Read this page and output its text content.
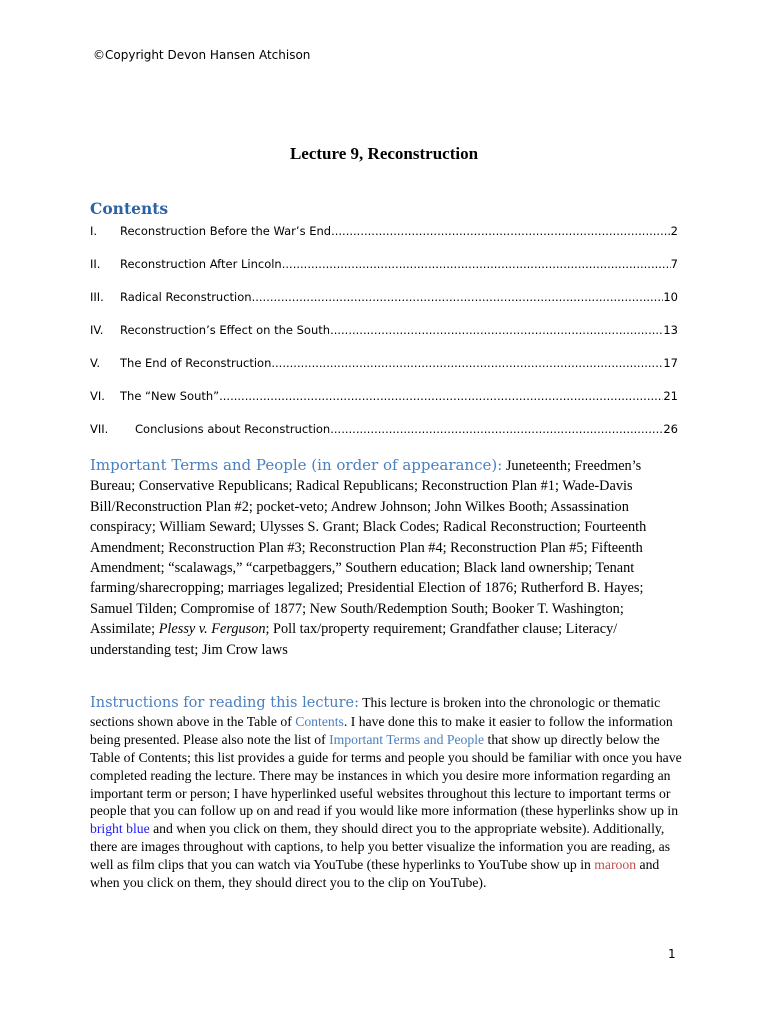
©Copyright Devon Hansen Atchison
Lecture 9, Reconstruction
Contents
I.	Reconstruction Before the War’s End .....	2
II.	Reconstruction After Lincoln .....	7
III.	Radical Reconstruction .....	10
IV.	Reconstruction’s Effect on the South .....	13
V.	The End of Reconstruction .....	17
VI.	The “New South” .....	21
VII.	Conclusions about Reconstruction .....	26

Important Terms and People (in order of appearance): Juneteenth; Freedmen’s Bureau; Conservative Republicans; Radical Republicans; Reconstruction Plan #1; Wade-Davis Bill/Reconstruction Plan #2; pocket-veto; Andrew Johnson; John Wilkes Booth; Assassination conspiracy; William Seward; Ulysses S. Grant; Black Codes; Radical Reconstruction; Fourteenth Amendment; Reconstruction Plan #3; Reconstruction Plan #4; Reconstruction Plan #5; Fifteenth Amendment; “scalawags,” “carpetbaggers,” Southern education; Black land ownership; Tenant farming/sharecropping; marriages legalized; Presidential Election of 1876; Rutherford B. Hayes; Samuel Tilden; Compromise of 1877; New South/Redemption South; Booker T. Washington; Assimilate; Plessy v. Ferguson; Poll tax/property requirement; Grandfather clause; Literacy/ understanding test; Jim Crow laws

Instructions for reading this lecture: This lecture is broken into the chronologic or thematic sections shown above in the Table of Contents. I have done this to make it easier to follow the information being presented. Please also note the list of Important Terms and People that show up directly below the Table of Contents; this list provides a guide for terms and people you should be familiar with once you have completed reading the lecture. There may be instances in which you desire more information regarding an important term or person; I have hyperlinked useful websites throughout this lecture to important terms or people that you can follow up on and read if you would like more information (these hyperlinks show up in bright blue and when you click on them, they should direct you to the appropriate website). Additionally, there are images throughout with captions, to help you better visualize the information you are reading, as well as film clips that you can watch via YouTube (these hyperlinks to YouTube show up in maroon and when you click on them, they should direct you to the clip on YouTube).

1
